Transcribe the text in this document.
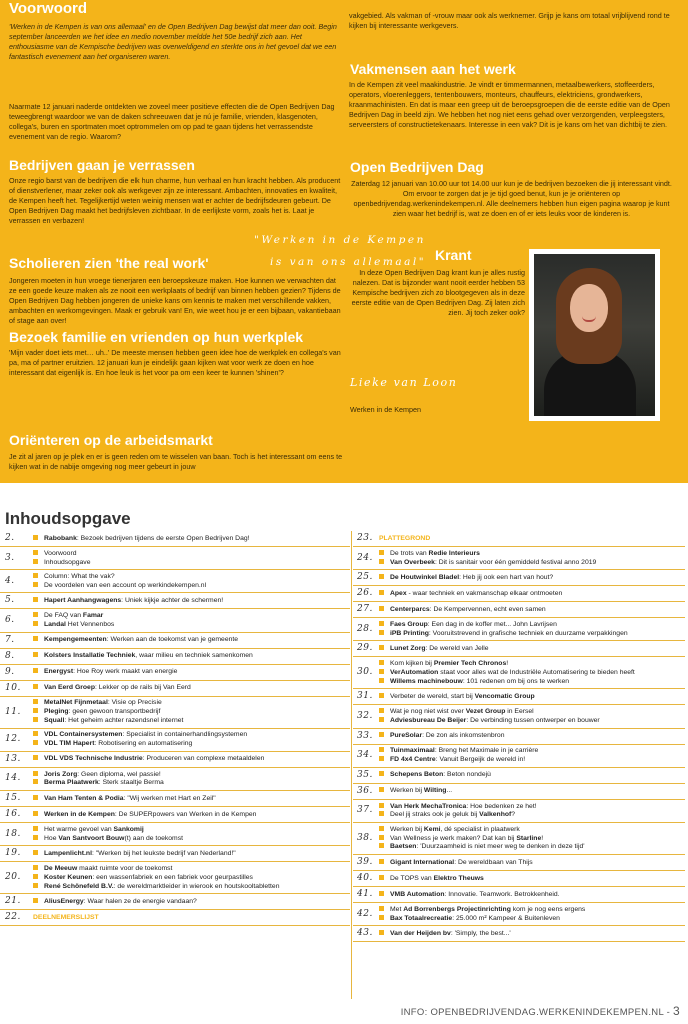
Voorwoord
'Werken in de Kempen is van ons allemaal' en de Open Bedrijven Dag bewijst dat meer dan ooit. Begin september lanceerden we het idee en medio november meldde het 50e bedrijf zich aan. Het enthousiasme van de Kempische bedrijven was overweldigend en sterkte ons in het gevoel dat we een fantastisch evenement aan het organiseren waren.
Naarmate 12 januari naderde ontdekten we zoveel meer positieve effecten die de Open Bedrijven Dag teweegbrengt waardoor we van de daken schreeuwen dat je nú je familie, vrienden, klasgenoten, collega's, buren en sportmaten moet optrommelen om op pad te gaan tijdens het verrassendste evenement van de regio. Waarom?
Bedrijven gaan je verrassen
Onze regio barst van de bedrijven die elk hun charme, hun verhaal en hun kracht hebben. Als producent of dienstverlener, maar zeker ook als werkgever zijn ze interessant. Ambachten, innovaties en kwaliteit, de Kempen heeft het. Tegelijkertijd weten weinig mensen wat er achter de bedrijfsdeuren gebeurt. De Open Bedrijven Dag maakt het bedrijfsleven zichtbaar. In de eerlijkste vorm, zoals het is. Laat je verrassen en verbazen!
Scholieren zien 'the real work'
Jongeren moeten in hun vroege tienerjaren een beroepskeuze maken. Hoe kunnen we verwachten dat ze een goede keuze maken als ze nooit een werkplaats of bedrijf van binnen hebben gezien? Tijdens de Open Bedrijven Dag hebben jongeren de unieke kans om kennis te maken met verschillende vakken, ambachten en werkomgevingen. Maak er gebruik van! En, wie weet hou je er een bijbaan, vakantiebaan of stage aan over!
Bezoek familie en vrienden op hun werkplek
'Mijn vader doet iets met… uh..' De meeste mensen hebben geen idee hoe de werkplek en collega's van pa, ma of partner eruitzien. 12 januari kun je eindelijk gaan kijken wat voor werk ze doen en hoe interessant dat eigenlijk is. En hoe leuk is het voor pa om een keer te kunnen 'shinen'?
Oriënteren op de arbeidsmarkt
Je zit al jaren op je plek en er is geen reden om te wisselen van baan. Toch is het interessant om eens te kijken wat in de nabije omgeving nog meer gebeurt in jouw
vakgebied. Als vakman of -vrouw maar ook als werknemer. Grijp je kans om totaal vrijblijvend rond te kijken bij interessante werkgevers.
Vakmensen aan het werk
In de Kempen zit veel maakindustrie. Je vindt er timmermannen, metaalbewerkers, stoffeerders, operators, vloerenleggers, tentenbouwers, monteurs, chauffeurs, elektriciens, grondwerkers, kraanmachinisten. En dat is maar een greep uit de beroepsgroepen die de eerste editie van de Open Bedrijven Dag in beeld zijn. We hebben het nog niet eens gehad over verzorgenden, verpleegsters, serveersters of constructietekenaars. Interesse in een vak? Dit is je kans om het van dichtbij te zien.
Open Bedrijven Dag
Zaterdag 12 januari van 10.00 uur tot 14.00 uur kun je de bedrijven bezoeken die jij interessant vindt. Om ervoor te zorgen dat je je tijd goed benut, kun je je oriënteren op openbedrijvendag.werkenindekempen.nl. Alle deelnemers hebben hun eigen pagina waarop je kunt zien waar het bedrijf is, wat ze doen en of er iets leuks voor de kinderen is.
"Werken in de Kempen
is van ons allemaal" Krant
In deze Open Bedrijven Dag krant kun je alles rustig nalezen. Dat is bijzonder want nooit eerder hebben 53 Kempische bedrijven zich zo blootgegeven als in deze eerste editie van de Open Bedrijven Dag. Zij laten zich zien. Jij toch zeker ook?
Lieke van Loon
Werken in de Kempen
Inhoudsopgave
2.	Rabobank: Bezoek bedrijven tijdens de eerste Open Bedrijven Dag!
3.	Voorwoord
Inhoudsopgave
4.	Column: What the vak?
De voordelen van een account op werkindekempen.nl
5.	Hapert Aanhangwagens: Uniek kijkje achter de schermen!
6.	De FAQ van Famar
Landal Het Vennenbos
7.	Kempengemeenten: Werken aan de toekomst van je gemeente
8.	Kolsters Installatie Techniek, waar milieu en techniek samenkomen
9.	Energyst: Hoe Roy werk maakt van energie
10.	Van Eerd Groep: Lekker op de rails bij Van Eerd
11.
MetalNet Fijnmetaal: Visie op Precisie
Pleging: geen gewoon transportbedrijf
Squall: Het geheim achter razendsnel internet
12.	VDL Containersystemen: Specialist in containerhandlingsystemen
VDL TIM Hapert: Robotisering en automatisering
13.	VDL VDS Technische Industrie: Produceren van complexe metaaldelen
14.	Joris Zorg: Geen diploma, wel passie!
Berma Plaatwerk: Sterk staaltje Berma
15.	Van Ham Tenten & Podia: "Wij werken met Hart en Zeil"
16.	Werken in de Kempen: De SUPERpowers van Werken in de Kempen
18.	Het warme gevoel van Sankomij
Hoe Van Santvoort Bouw(t) aan de toekomst
19.	Lampenlicht.nl: "Werken bij het leukste bedrijf van Nederland!"
20.
De Meeuw maakt ruimte voor de toekomst
Koster Keunen: een wassenfabriek en een fabriek voor geurpastilles
René Schönefeld B.V.: de wereldmarktleider in wierook en houtskooltabletten
21.	AliusEnergy: Waar halen ze de energie vandaan?
22. DEELNEMERSLIJST
23. PLATTEGROND
24.	De trots van Redie Interieurs
Van Overbeek: Dit is sanitair voor één gemiddeld festival anno 2019
25.	De Houtwinkel Bladel: Heb jij ook een hart van hout?
26.	Apex - waar techniek en vakmanschap elkaar ontmoeten
27.	Centerparcs: De Kempervennen, echt even samen
28.	Faes Group: Een dag in de koffer met... John Lavrijsen
iPB Printing: Vooruitstrevend in grafische techniek en duurzame verpakkingen
29.	Lunet Zorg: De wereld van Jelle
30.
Kom kijken bij Premier Tech Chronos!
VerAutomation staat voor alles wat de Industriële Automatisering te bieden heeft
Willems machinebouw: 101 redenen om bij ons te werken
31.	Verbeter de wereld, start bij Vencomatic Group
32.	Wat je nog niet wist over Vezet Group in Eersel
Adviesbureau De Beijer: De verbinding tussen ontwerper en bouwer
33.	PureSolar: De zon als inkomstenbron
34.	Tuinmaximaal: Breng het Maximale in je carrière
FD 4x4 Centre: Vanuit Bergeijk de wereld in!
35.	Schepens Beton: Beton nondejù
36.	Werken bij Wilting...
37.	Van Herk MechaTronica: Hoe bedenken ze het!
Deel jij straks ook je geluk bij Valkenhof?
38.
Werken bij Kemi, dé specialist in plaatwerk
Van Wellness je werk maken? Dat kan bij Starline!
Baetsen: 'Duurzaamheid is niet meer weg te denken in deze tijd'
39.	Gigant International: De wereldbaan van Thijs
40.	De TOPS van Elektro Theuws
41.	VMB Automation: Innovatie. Teamwork. Betrokkenheid.
42.	Met Ad Borrenbergs Projectinrichting kom je nog eens ergens
Bax Totaalrecreatie: 25.000 m² Kampeer & Buitenleven
43.	Van der Heijden bv: 'Simply, the best...'
INFO: OPENBEDRIJVENDAG.WERKENINDEKEMPEN.NL - 3
